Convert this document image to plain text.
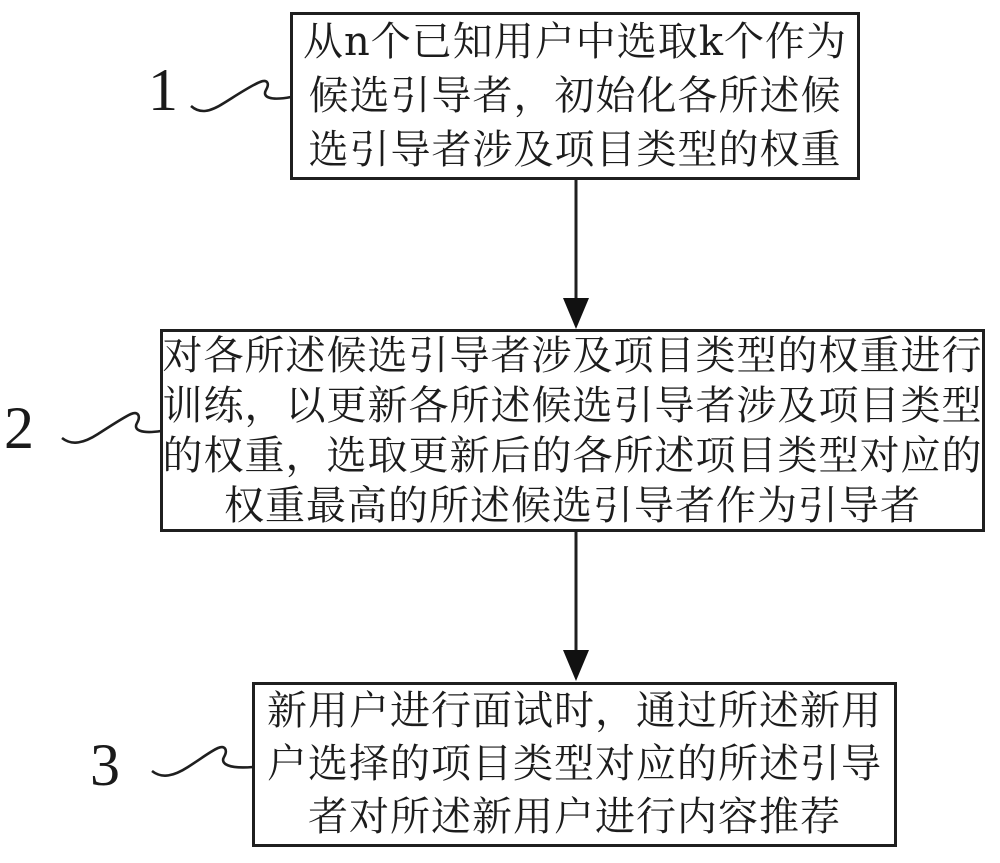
1
2
3
从n个已知用户中选取k个作为
候选引导者，初始化各所述候
选引导者涉及项目类型的权重
对各所述候选引导者涉及项目类型的权重进行
训练，以更新各所述候选引导者涉及项目类型
的权重，选取更新后的各所述项目类型对应的
权重最高的所述候选引导者作为引导者
新用户进行面试时，通过所述新用
户选择的项目类型对应的所述引导
者对所述新用户进行内容推荐
